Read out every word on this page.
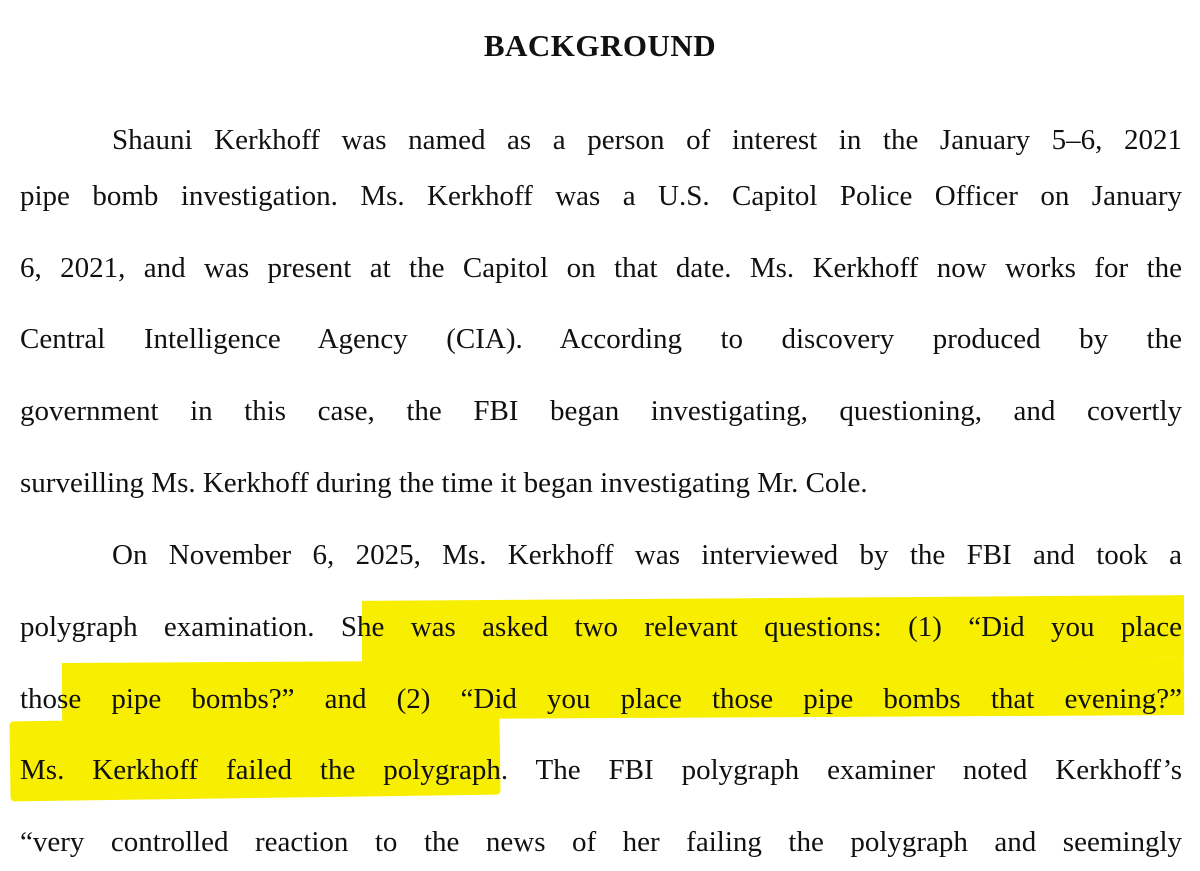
BACKGROUND
Shauni Kerkhoff was named as a person of interest in the January 5–6, 2021
pipe bomb investigation. Ms. Kerkhoff was a U.S. Capitol Police Officer on January
6, 2021, and was present at the Capitol on that date. Ms. Kerkhoff now works for the
Central Intelligence Agency (CIA). According to discovery produced by the
government in this case, the FBI began investigating, questioning, and covertly
surveilling Ms. Kerkhoff during the time it began investigating Mr. Cole.
On November 6, 2025, Ms. Kerkhoff was interviewed by the FBI and took a
polygraph examination. She was asked two relevant questions: (1) “Did you place
those pipe bombs?” and (2) “Did you place those pipe bombs that evening?”
Ms. Kerkhoff failed the polygraph. The FBI polygraph examiner noted Kerkhoff’s
“very controlled reaction to the news of her failing the polygraph and seemingly
